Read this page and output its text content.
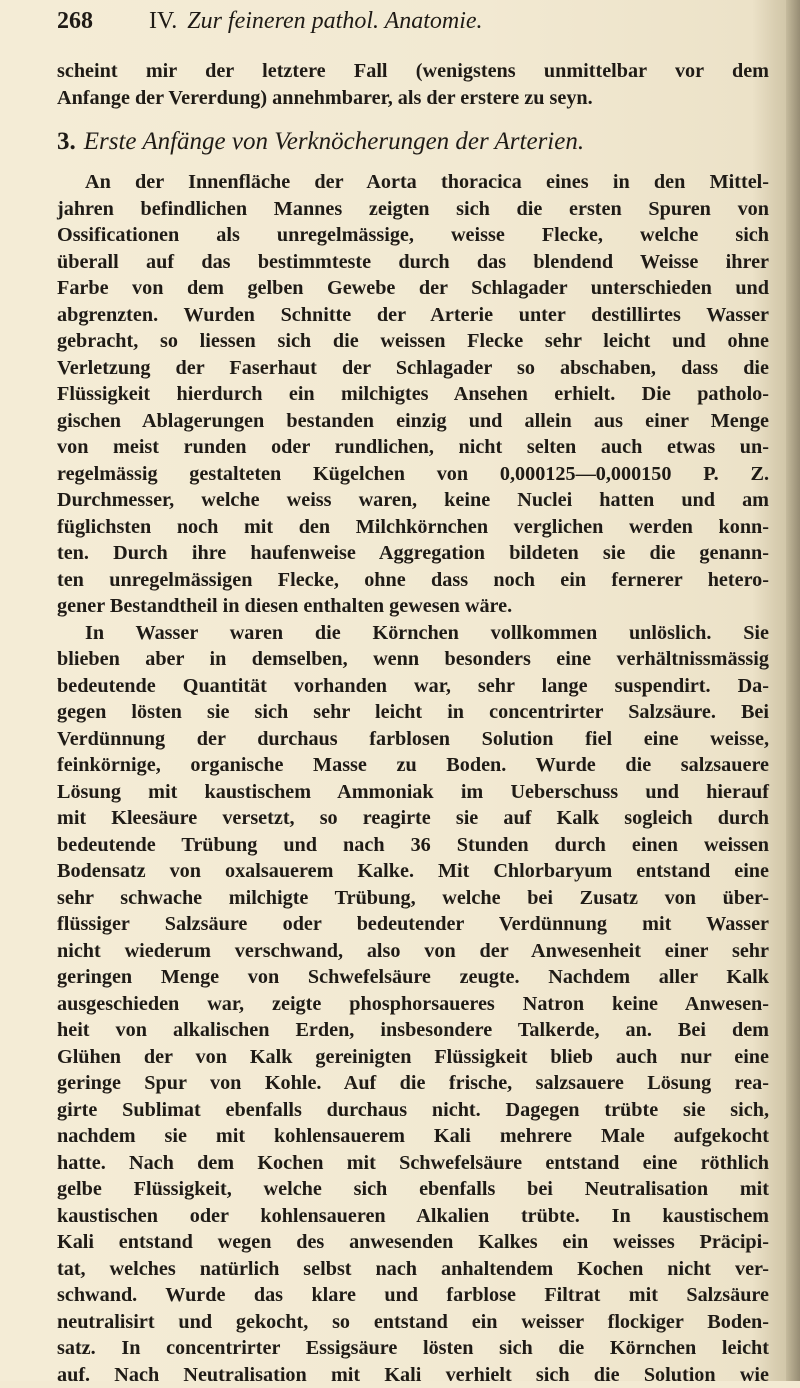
268	IV. Zur feineren pathol. Anatomie.
scheint mir der letztere Fall (wenigstens unmittelbar vor dem
Anfange der Vererdung) annehmbarer, als der erstere zu seyn.
3. Erste Anfänge von Verknöcherungen der Arterien.
An der Innenfläche der Aorta thoracica eines in den Mittel-
jahren befindlichen Mannes zeigten sich die ersten Spuren von
Ossificationen als unregelmässige, weisse Flecke, welche sich
überall auf das bestimmteste durch das blendend Weisse ihrer
Farbe von dem gelben Gewebe der Schlagader unterschieden und
abgrenzten. Wurden Schnitte der Arterie unter destillirtes Wasser
gebracht, so liessen sich die weissen Flecke sehr leicht und ohne
Verletzung der Faserhaut der Schlagader so abschaben, dass die
Flüssigkeit hierdurch ein milchigtes Ansehen erhielt. Die patholo-
gischen Ablagerungen bestanden einzig und allein aus einer Menge
von meist runden oder rundlichen, nicht selten auch etwas un-
regelmässig gestalteten Kügelchen von 0,000125—0,000150 P. Z.
Durchmesser, welche weiss waren, keine Nuclei hatten und am
füglichsten noch mit den Milchkörnchen verglichen werden konn-
ten. Durch ihre haufenweise Aggregation bildeten sie die genann-
ten unregelmässigen Flecke, ohne dass noch ein fernerer hetero-
gener Bestandtheil in diesen enthalten gewesen wäre.
In Wasser waren die Körnchen vollkommen unlöslich. Sie
blieben aber in demselben, wenn besonders eine verhältnissmässig
bedeutende Quantität vorhanden war, sehr lange suspendirt. Da-
gegen lösten sie sich sehr leicht in concentrirter Salzsäure. Bei
Verdünnung der durchaus farblosen Solution fiel eine weisse,
feinkörnige, organische Masse zu Boden. Wurde die salzsauere
Lösung mit kaustischem Ammoniak im Ueberschuss und hierauf
mit Kleesäure versetzt, so reagirte sie auf Kalk sogleich durch
bedeutende Trübung und nach 36 Stunden durch einen weissen
Bodensatz von oxalsauerem Kalke. Mit Chlorbaryum entstand eine
sehr schwache milchigte Trübung, welche bei Zusatz von über-
flüssiger Salzsäure oder bedeutender Verdünnung mit Wasser
nicht wiederum verschwand, also von der Anwesenheit einer sehr
geringen Menge von Schwefelsäure zeugte. Nachdem aller Kalk
ausgeschieden war, zeigte phosphorsaueres Natron keine Anwesen-
heit von alkalischen Erden, insbesondere Talkerde, an. Bei dem
Glühen der von Kalk gereinigten Flüssigkeit blieb auch nur eine
geringe Spur von Kohle. Auf die frische, salzsauere Lösung rea-
girte Sublimat ebenfalls durchaus nicht. Dagegen trübte sie sich,
nachdem sie mit kohlensauerem Kali mehrere Male aufgekocht
hatte. Nach dem Kochen mit Schwefelsäure entstand eine röthlich
gelbe Flüssigkeit, welche sich ebenfalls bei Neutralisation mit
kaustischen oder kohlensaueren Alkalien trübte. In kaustischem
Kali entstand wegen des anwesenden Kalkes ein weisses Präcipi-
tat, welches natürlich selbst nach anhaltendem Kochen nicht ver-
schwand. Wurde das klare und farblose Filtrat mit Salzsäure
neutralisirt und gekocht, so entstand ein weisser flockiger Boden-
satz. In concentrirter Essigsäure lösten sich die Körnchen leicht
auf. Nach Neutralisation mit Kali verhielt sich die Solution wie
